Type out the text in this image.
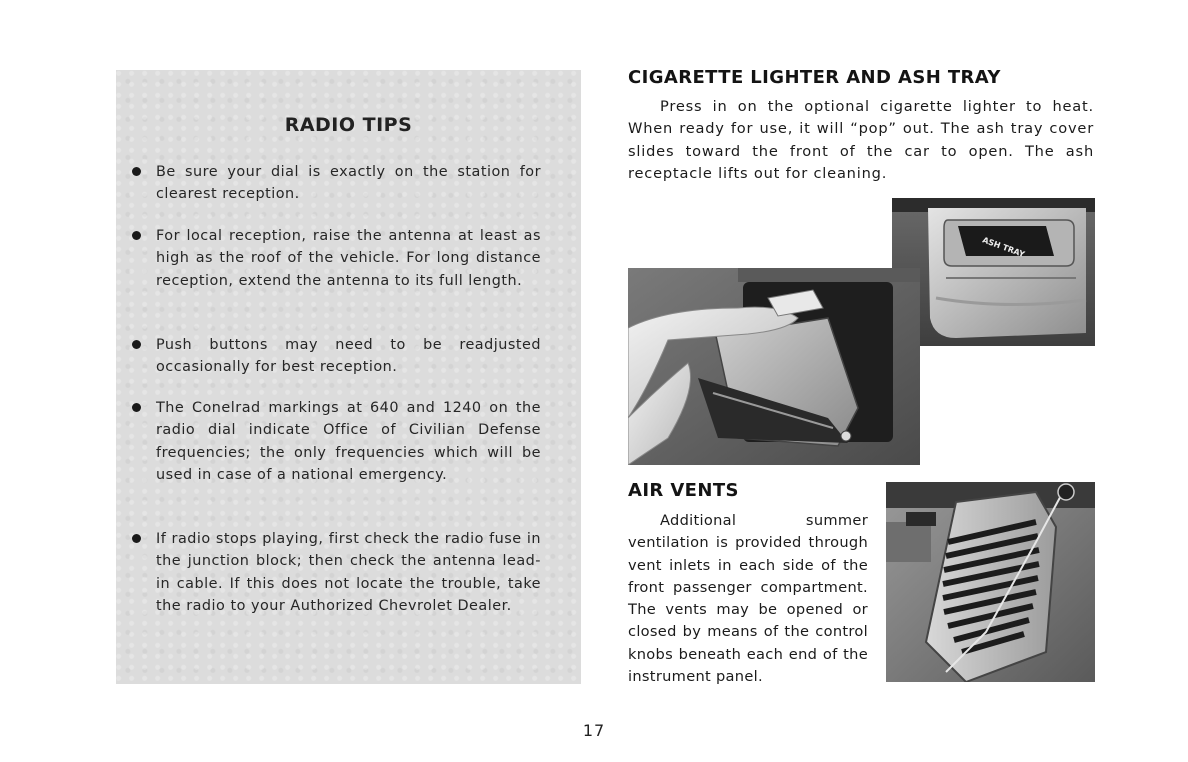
RADIO TIPS
Be sure your dial is exactly on the station for clearest reception.
For local reception, raise the antenna at least as high as the roof of the vehicle. For long distance reception, extend the antenna to its full length.
Push buttons may need to be readjusted occasionally for best reception.
The Conelrad markings at 640 and 1240 on the radio dial indicate Office of Civilian Defense frequencies; the only frequencies which will be used in case of a national emergency.
If radio stops playing, first check the radio fuse in the junction block; then check the antenna lead-in cable. If this does not locate the trouble, take the radio to your Authorized Chevrolet Dealer.
CIGARETTE LIGHTER AND ASH TRAY
Press in on the optional cigarette lighter to heat. When ready for use, it will “pop” out. The ash tray cover slides toward the front of the car to open. The ash receptacle lifts out for cleaning.
ASH TRAY
AIR VENTS
Additional summer ventilation is provided through vent inlets in each side of the front passenger compartment. The vents may be opened or closed by means of the control knobs beneath each end of the instrument panel.
17
